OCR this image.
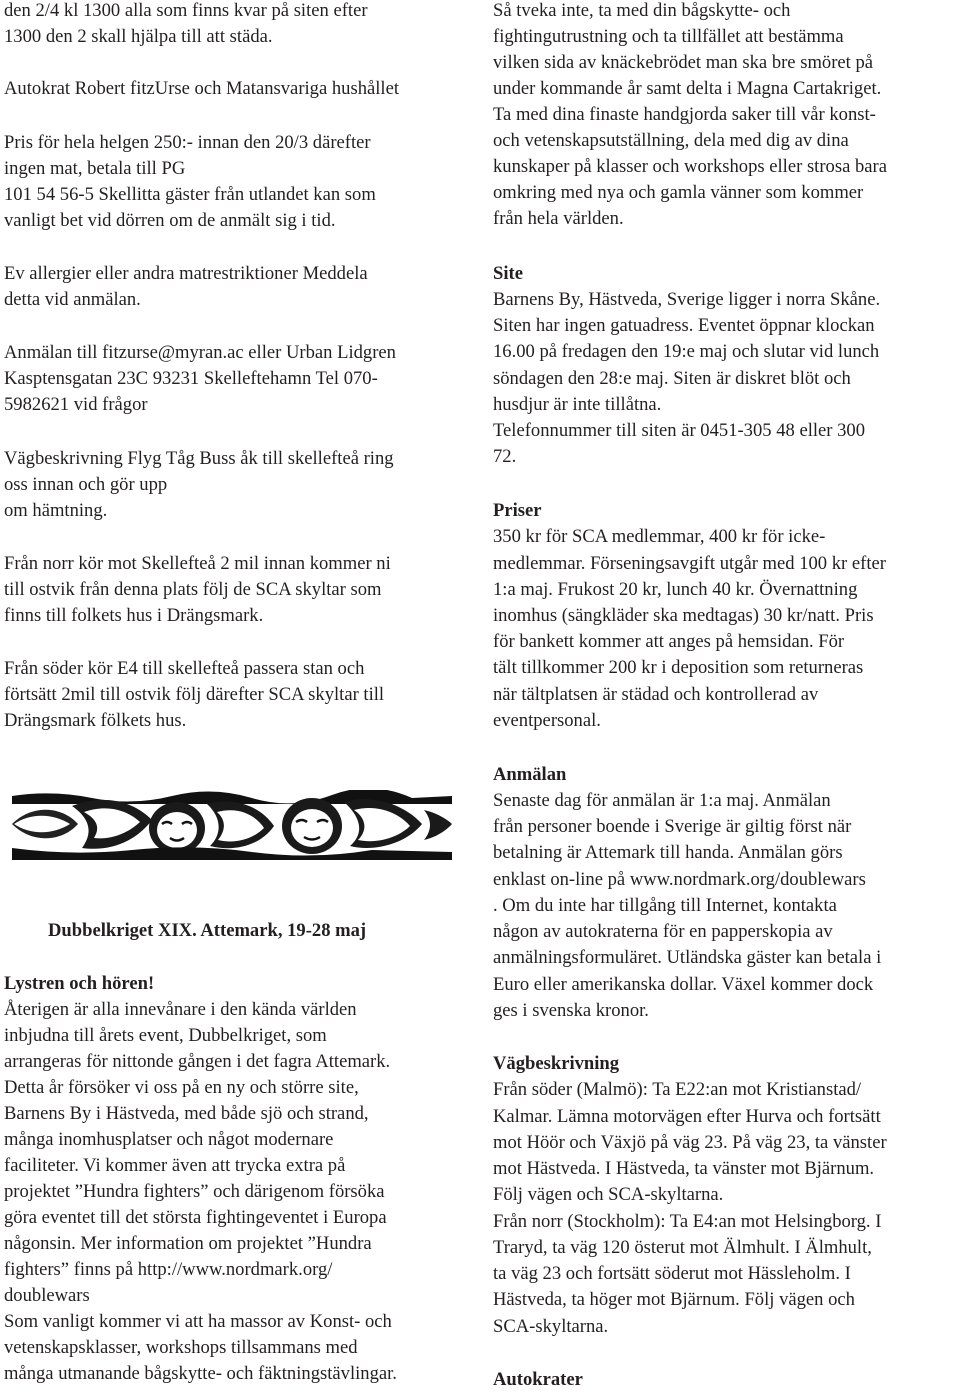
den 2/4 kl 1300 alla som finns kvar på siten efter
1300 den 2 skall hjälpa till att städa.
Autokrat Robert fitzUrse och Matansvariga hushållet
Pris för hela helgen 250:- innan den 20/3 därefter
ingen mat, betala till PG
101 54 56-5 Skellitta gäster från utlandet kan som
vanligt bet vid dörren om de anmält sig i tid.
Ev allergier eller andra matrestriktioner Meddela
detta vid anmälan.
Anmälan till fitzurse@myran.ac eller Urban Lidgren
Kasptensgatan 23C 93231 Skelleftehamn Tel 070-
5982621 vid frågor
Vägbeskrivning Flyg Tåg Buss åk till skellefteå ring
oss innan och gör upp
om hämtning.
Från norr kör mot Skellefteå 2 mil innan kommer ni
till ostvik från denna plats följ de SCA skyltar som
finns till folkets hus i Drängsmark.
Från söder kör E4 till skellefteå passera stan och
förtsätt 2mil till ostvik följ därefter SCA skyltar till
Drängsmark fölkets hus.
Dubbelkriget XIX. Attemark, 19-28 maj
Lystren och hören!
Återigen är alla innevånare i den kända världen
inbjudna till årets event, Dubbelkriget, som
arrangeras för nittonde gången i det fagra Attemark.
Detta år försöker vi oss på en ny och större site,
Barnens By i Hästveda, med både sjö och strand,
många inomhusplatser och något modernare
faciliteter. Vi kommer även att trycka extra på
projektet ”Hundra fighters” och därigenom försöka
göra eventet till det största fightingeventet i Europa
någonsin. Mer information om projektet ”Hundra
fighters” finns på http://www.nordmark.org/
doublewars
Som vanligt kommer vi att ha massor av Konst- och
vetenskapsklasser, workshops tillsammans med
många utmanande bågskytte- och fäktningstävlingar.
Så tveka inte, ta med din bågskytte- och
fightingutrustning och ta tillfället att bestämma
vilken sida av knäckebrödet man ska bre smöret på
under kommande år samt delta i Magna Cartakriget.
Ta med dina finaste handgjorda saker till vår konst-
och vetenskapsutställning, dela med dig av dina
kunskaper på klasser och workshops eller strosa bara
omkring med nya och gamla vänner som kommer
från hela världen.
Site
Barnens By, Hästveda, Sverige ligger i norra Skåne.
Siten har ingen gatuadress. Eventet öppnar klockan
16.00 på fredagen den 19:e maj och slutar vid lunch
söndagen den 28:e maj. Siten är diskret blöt och
husdjur är inte tillåtna.
Telefonnummer till siten är 0451-305 48 eller 300
72.
Priser
350 kr för SCA medlemmar, 400 kr för icke-
medlemmar. Förseningsavgift utgår med 100 kr efter
1:a maj. Frukost 20 kr, lunch 40 kr. Övernattning
inomhus (sängkläder ska medtagas) 30 kr/natt. Pris
för bankett kommer att anges på hemsidan. För
tält tillkommer 200 kr i deposition som returneras
när tältplatsen är städad och kontrollerad av
eventpersonal.
Anmälan
Senaste dag för anmälan är 1:a maj. Anmälan
från personer boende i Sverige är giltig först när
betalning är Attemark till handa. Anmälan görs
enklast on-line på www.nordmark.org/doublewars
. Om du inte har tillgång till Internet, kontakta
någon av autokraterna för en papperskopia av
anmälningsformuläret. Utländska gäster kan betala i
Euro eller amerikanska dollar. Växel kommer dock
ges i svenska kronor.
Vägbeskrivning
Från söder (Malmö): Ta E22:an mot Kristianstad/
Kalmar. Lämna motorvägen efter Hurva och fortsätt
mot Höör och Växjö på väg 23. På väg 23, ta vänster
mot Hästveda. I Hästveda, ta vänster mot Bjärnum.
Följ vägen och SCA-skyltarna.
Från norr (Stockholm): Ta E4:an mot Helsingborg. I
Traryd, ta väg 120 österut mot Älmhult. I Älmhult,
ta väg 23 och fortsätt söderut mot Hässleholm. I
Hästveda, ta höger mot Bjärnum. Följ vägen och
SCA-skyltarna.
Autokrater
